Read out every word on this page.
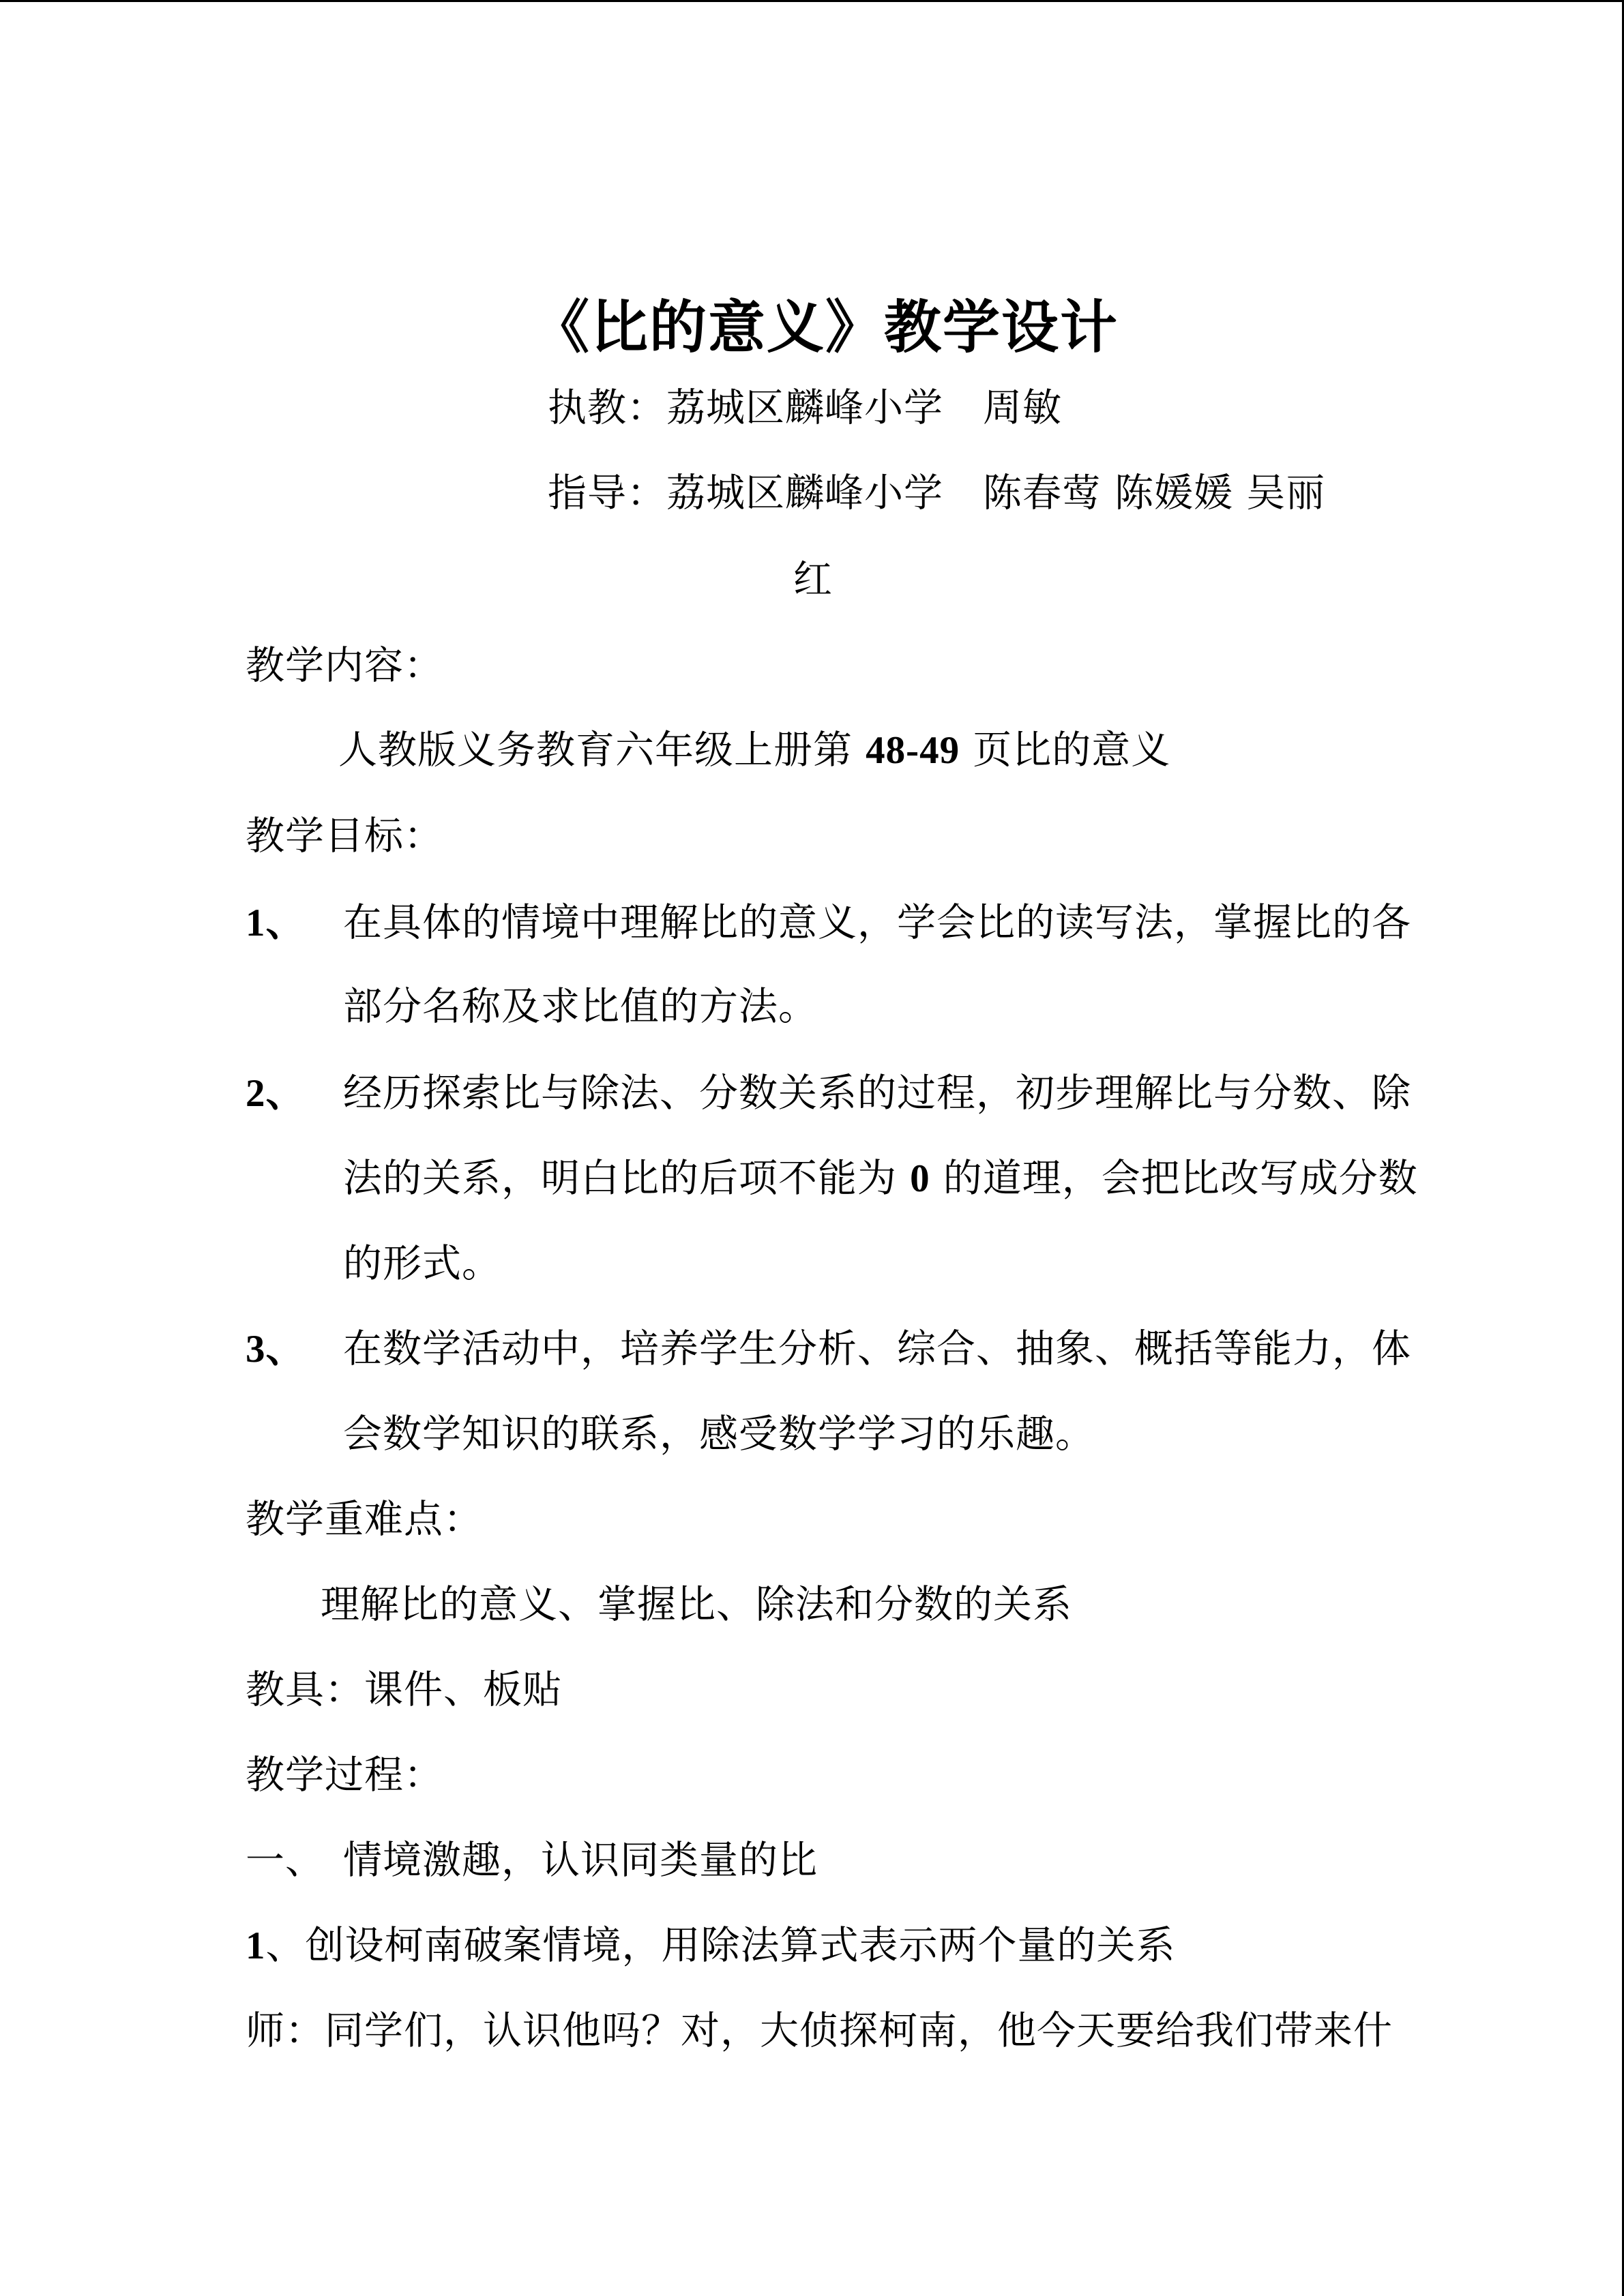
《比的意义》教学设计
执教：荔城区麟峰小学　周敏
指导：荔城区麟峰小学　陈春莺 陈媛媛 吴丽
红
教学内容：
人教版义务教育六年级上册第 48-49 页比的意义
教学目标：
1、 在具体的情境中理解比的意义，学会比的读写法，掌握比的各
部分名称及求比值的方法。
2、 经历探索比与除法、分数关系的过程，初步理解比与分数、除
法的关系，明白比的后项不能为 0 的道理，会把比改写成分数
的形式。
3、 在数学活动中，培养学生分析、综合、抽象、概括等能力，体
会数学知识的联系，感受数学学习的乐趣。
教学重难点：
理解比的意义、掌握比、除法和分数的关系
教具：课件、板贴
教学过程：
一、 情境激趣，认识同类量的比
1、创设柯南破案情境，用除法算式表示两个量的关系
师：同学们，认识他吗？对，大侦探柯南，他今天要给我们带来什
